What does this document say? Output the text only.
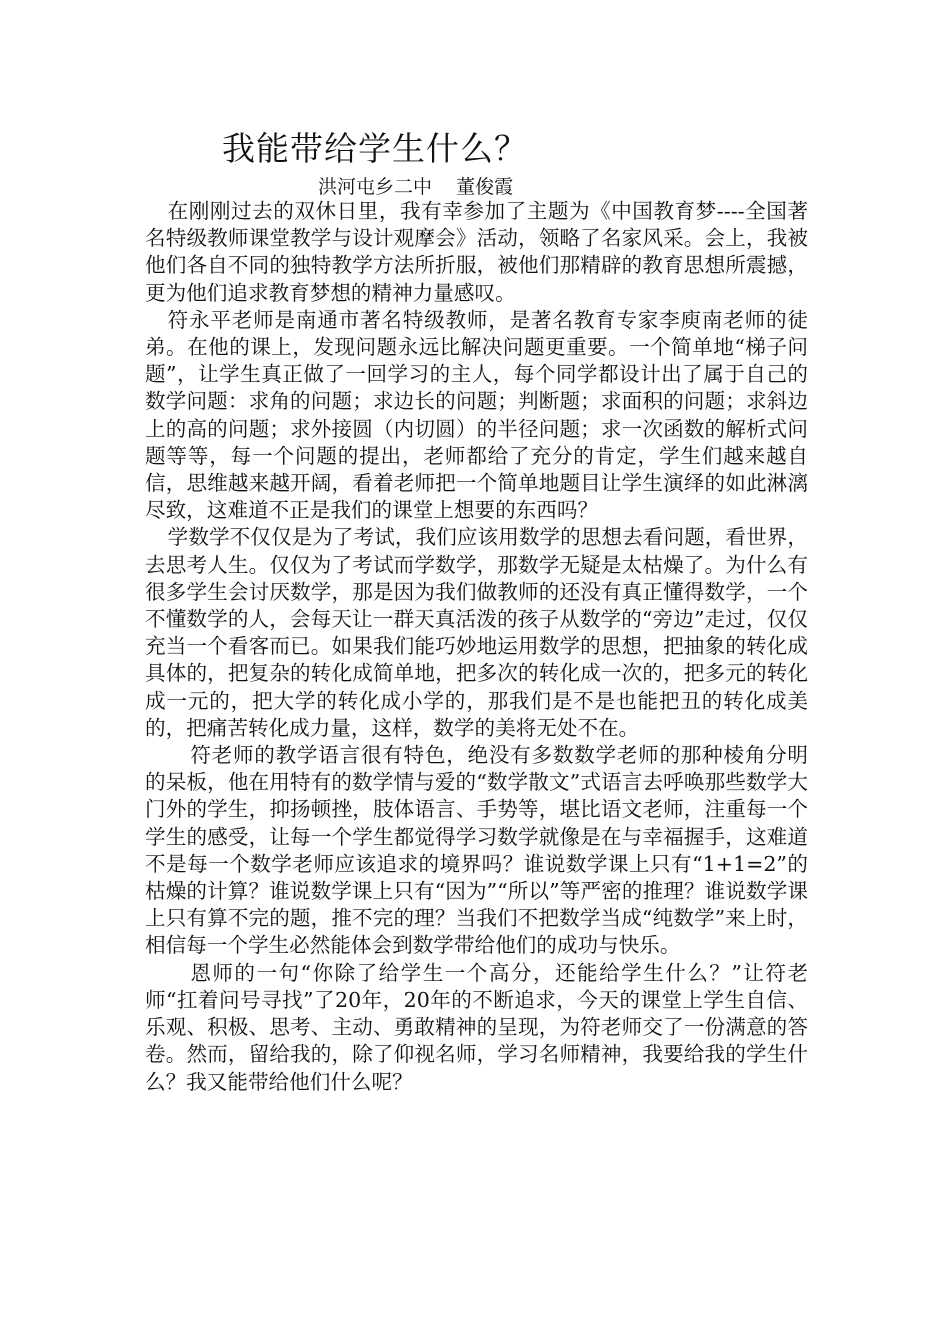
我能带给学生什么？

洪河屯乡二中    董俊霞

在刚刚过去的双休日里，我有幸参加了主题为《中国教育梦----全国著名特级教师课堂教学与设计观摩会》活动，领略了名家风采。会上，我被他们各自不同的独特教学方法所折服，被他们那精辟的教育思想所震撼，更为他们追求教育梦想的精神力量感叹。

符永平老师是南通市著名特级教师，是著名教育专家李庾南老师的徒弟。在他的课上，发现问题永远比解决问题更重要。一个简单地“梯子问题”，让学生真正做了一回学习的主人，每个同学都设计出了属于自己的数学问题：求角的问题；求边长的问题；判断题；求面积的问题；求斜边上的高的问题；求外接圆（内切圆）的半径问题；求一次函数的解析式问题等等，每一个问题的提出，老师都给了充分的肯定，学生们越来越自信，思维越来越开阔，看着老师把一个简单地题目让学生演绎的如此淋漓尽致，这难道不正是我们的课堂上想要的东西吗？

学数学不仅仅是为了考试，我们应该用数学的思想去看问题，看世界，去思考人生。仅仅为了考试而学数学，那数学无疑是太枯燥了。为什么有很多学生会讨厌数学，那是因为我们做教师的还没有真正懂得数学，一个不懂数学的人，会每天让一群天真活泼的孩子从数学的“旁边”走过，仅仅充当一个看客而已。如果我们能巧妙地运用数学的思想，把抽象的转化成具体的，把复杂的转化成简单地，把多次的转化成一次的，把多元的转化成一元的，把大学的转化成小学的，那我们是不是也能把丑的转化成美的，把痛苦转化成力量，这样，数学的美将无处不在。

符老师的教学语言很有特色，绝没有多数数学老师的那种棱角分明的呆板，他在用特有的数学情与爱的“数学散文”式语言去呼唤那些数学大门外的学生，抑扬顿挫，肢体语言、手势等，堪比语文老师，注重每一个学生的感受，让每一个学生都觉得学习数学就像是在与幸福握手，这难道不是每一个数学老师应该追求的境界吗？谁说数学课上只有“1+1=2”的枯燥的计算？谁说数学课上只有“因为”“所以”等严密的推理？谁说数学课上只有算不完的题，推不完的理？当我们不把数学当成“纯数学”来上时，相信每一个学生必然能体会到数学带给他们的成功与快乐。

恩师的一句“你除了给学生一个高分，还能给学生什么？”让符老师“扛着问号寻找”了20年，20年的不断追求，今天的课堂上学生自信、乐观、积极、思考、主动、勇敢精神的呈现，为符老师交了一份满意的答卷。然而，留给我的，除了仰视名师，学习名师精神，我要给我的学生什么？我又能带给他们什么呢？
